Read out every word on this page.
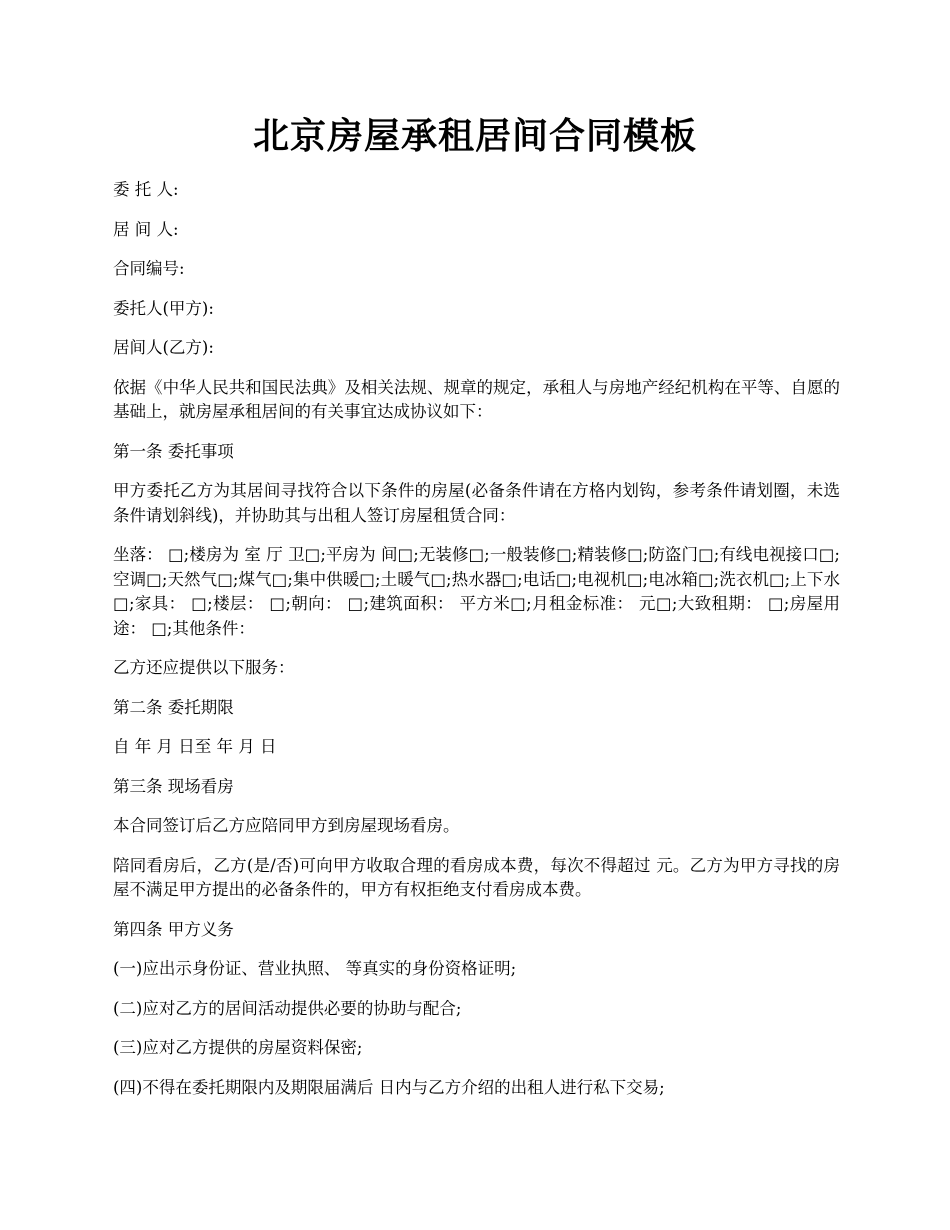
北京房屋承租居间合同模板

委 托 人:

居 间 人:

合同编号:

委托人(甲方):

居间人(乙方):

依据《中华人民共和国民法典》及相关法规、规章的规定，承租人与房地产经纪机构在平等、自愿的基础上，就房屋承租居间的有关事宜达成协议如下：

第一条 委托事项

甲方委托乙方为其居间寻找符合以下条件的房屋(必备条件请在方格内划钩，参考条件请划圈，未选条件请划斜线)，并协助其与出租人签订房屋租赁合同：

坐落： □;楼房为 室 厅 卫□;平房为 间□;无装修□;一般装修□;精装修□;防盗门□;有线电视接口□;空调□;天然气□;煤气□;集中供暖□;土暖气□;热水器□;电话□;电视机□;电冰箱□;洗衣机□;上下水□;家具： □;楼层： □;朝向： □;建筑面积： 平方米□;月租金标准： 元□;大致租期： □;房屋用途： □;其他条件：

乙方还应提供以下服务：

第二条 委托期限

自 年 月 日至 年 月 日

第三条 现场看房

本合同签订后乙方应陪同甲方到房屋现场看房。

陪同看房后，乙方(是/否)可向甲方收取合理的看房成本费，每次不得超过 元。乙方为甲方寻找的房屋不满足甲方提出的必备条件的，甲方有权拒绝支付看房成本费。

第四条 甲方义务

(一)应出示身份证、营业执照、 等真实的身份资格证明;

(二)应对乙方的居间活动提供必要的协助与配合;

(三)应对乙方提供的房屋资料保密;

(四)不得在委托期限内及期限届满后 日内与乙方介绍的出租人进行私下交易;
